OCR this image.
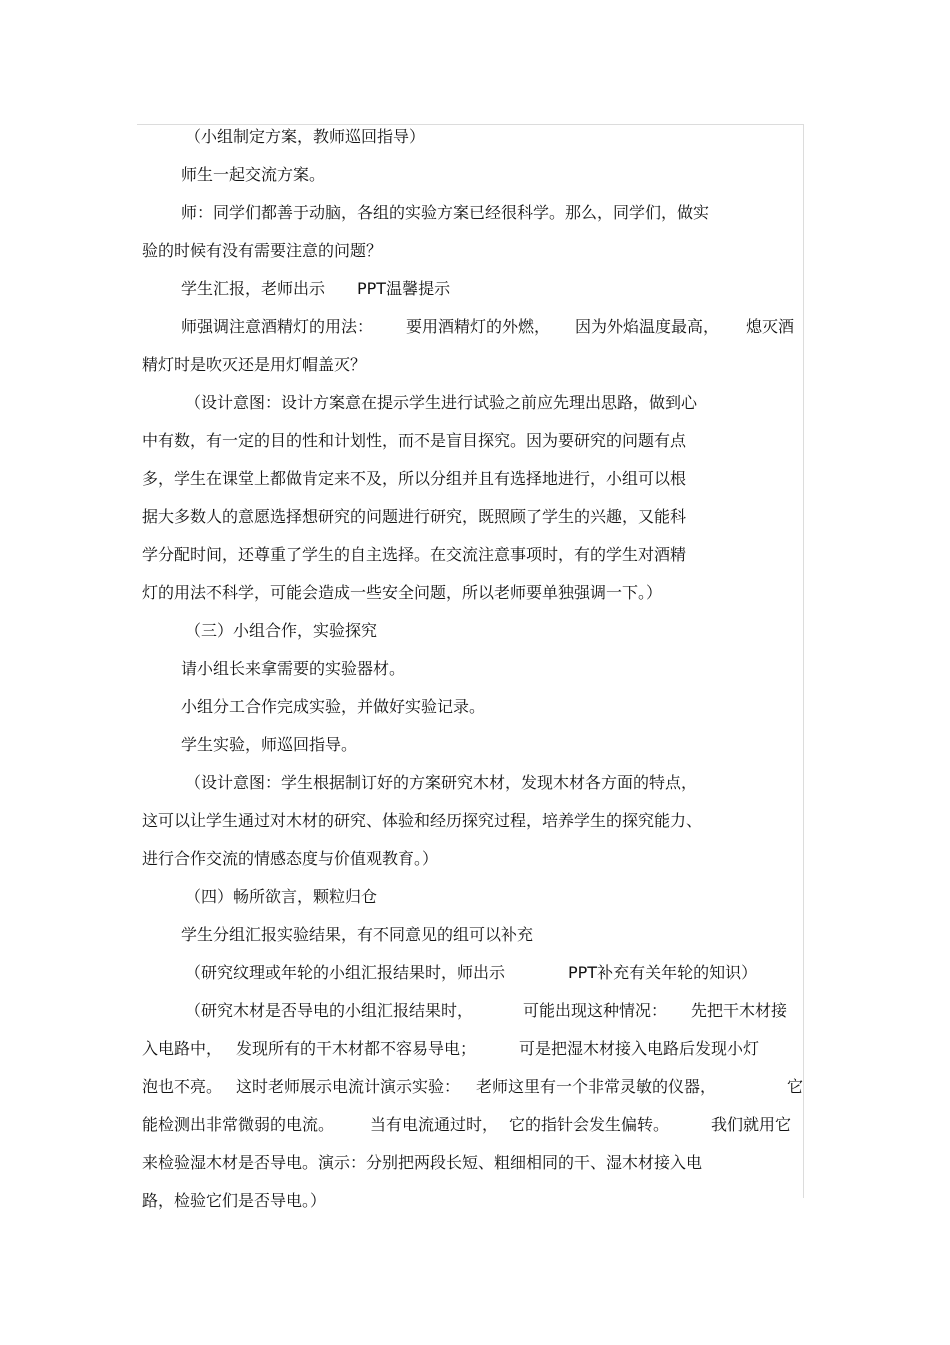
（小组制定方案，教师巡回指导）
师生一起交流方案。
师：同学们都善于动脑，各组的实验方案已经很科学。那么，同学们，做实
验的时候有没有需要注意的问题？

学生汇报，老师出示

PPT温馨提示

师强调注意酒精灯的用法：

要用酒精灯的外燃，

因为外焰温度最高，

熄灭酒

精灯时是吹灭还是用灯帽盖灭？
（设计意图：设计方案意在提示学生进行试验之前应先理出思路，做到心
中有数，有一定的目的性和计划性，而不是盲目探究。因为要研究的问题有点
多，学生在课堂上都做肯定来不及，所以分组并且有选择地进行，小组可以根
据大多数人的意愿选择想研究的问题进行研究，既照顾了学生的兴趣，又能科
学分配时间，还尊重了学生的自主选择。在交流注意事项时，有的学生对酒精
灯的用法不科学，可能会造成一些安全问题，所以老师要单独强调一下。）
（三）小组合作，实验探究
请小组长来拿需要的实验器材。
小组分工合作完成实验，并做好实验记录。
学生实验，师巡回指导。
（设计意图：学生根据制订好的方案研究木材，发现木材各方面的特点，
这可以让学生通过对木材的研究、体验和经历探究过程，培养学生的探究能力、
进行合作交流的情感态度与价值观教育。）
（四）畅所欲言，颗粒归仓
学生分组汇报实验结果，有不同意见的组可以补充

（研究纹理或年轮的小组汇报结果时，师出示

	PPT补充有关年轮的知识）

（研究木材是否导电的小组汇报结果时，

	可能出现这种情况：

先把干木材接

入电路中，

发现所有的干木材都不容易导电；

	可是把湿木材接入电路后发现小灯

泡也不亮。

这时老师展示电流计演示实验：

老师这里有一个非常灵敏的仪器，

	它

能检测出非常微弱的电流。

当有电流通过时，

它的指针会发生偏转。

	我们就用它

来检验湿木材是否导电。演示：分别把两段长短、粗细相同的干、湿木材接入电
路，检验它们是否导电。）
